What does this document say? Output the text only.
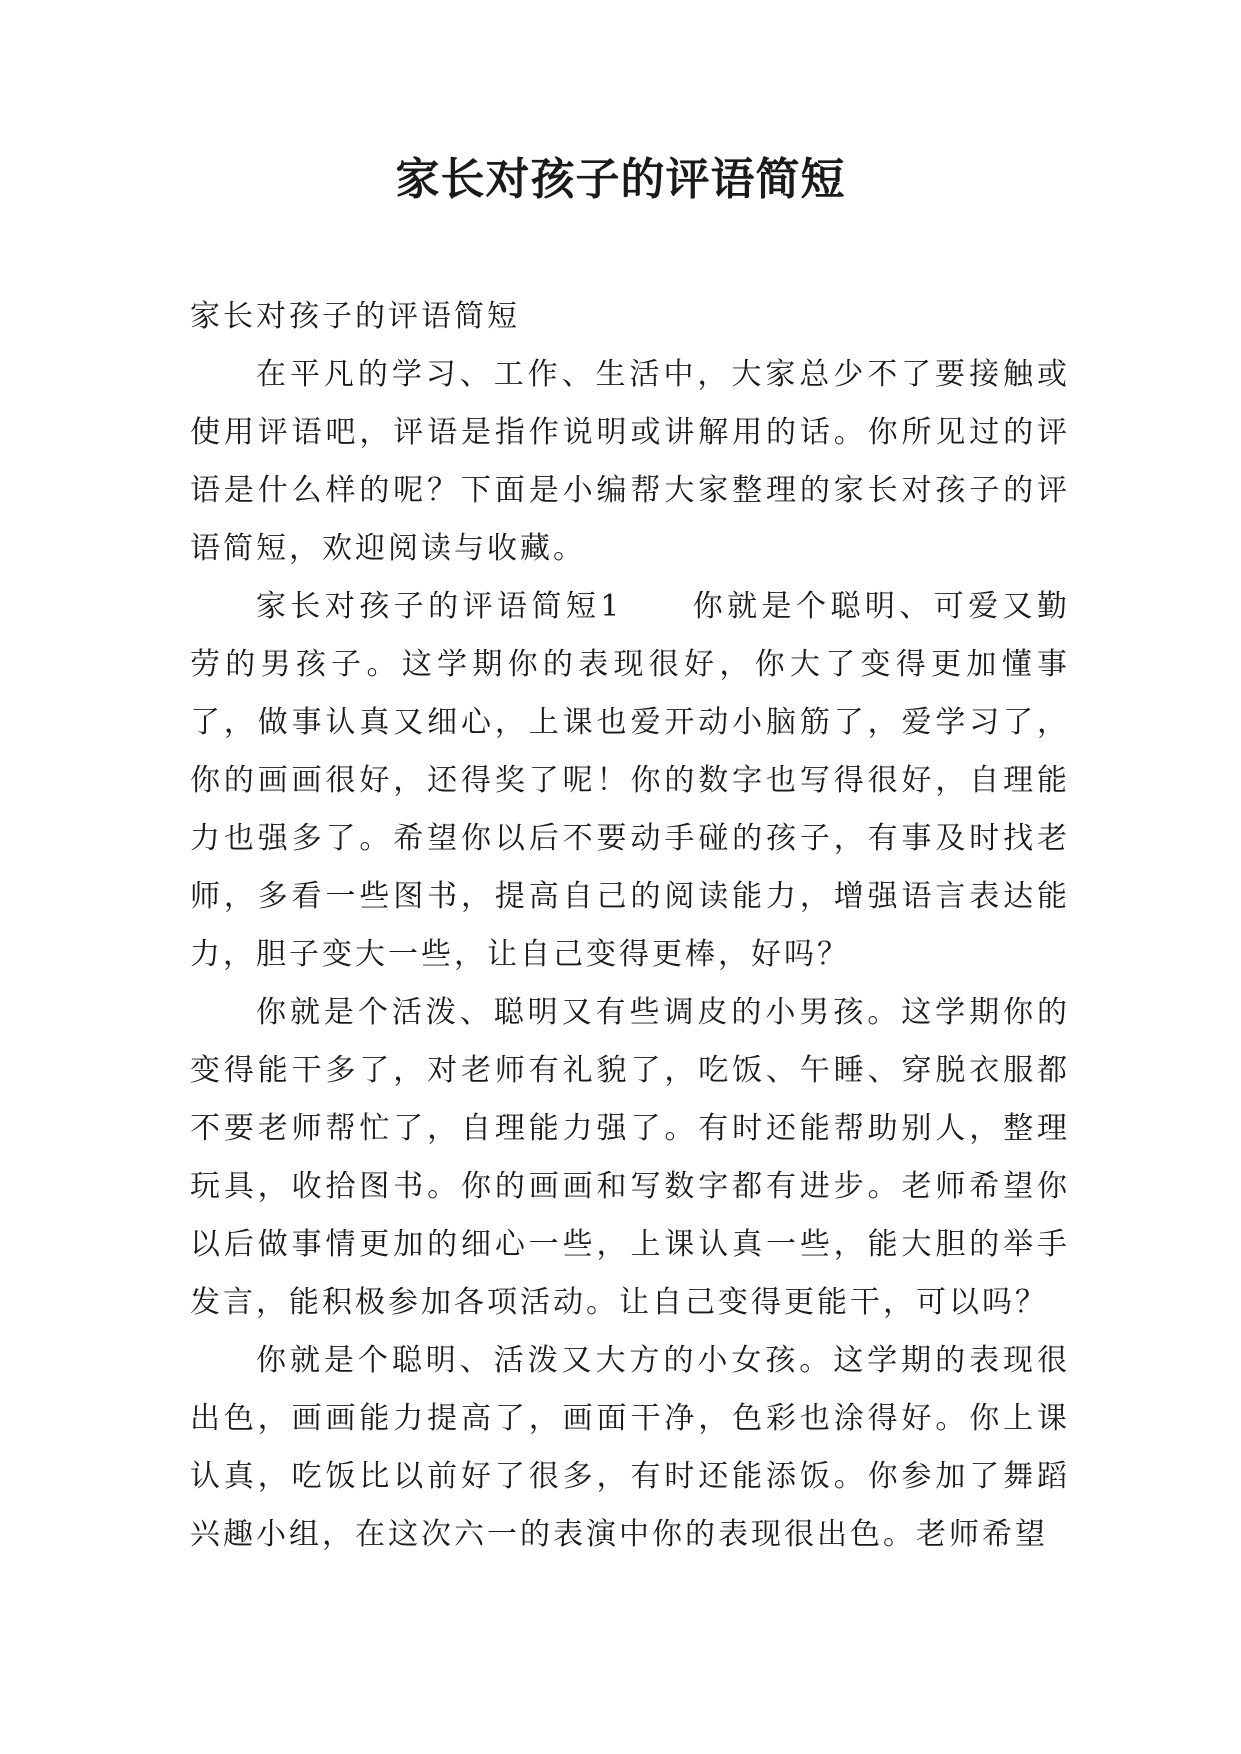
家长对孩子的评语简短

家长对孩子的评语简短

在平凡的学习、工作、生活中，大家总少不了要接触或使用评语吧，评语是指作说明或讲解用的话。你所见过的评语是什么样的呢？下面是小编帮大家整理的家长对孩子的评语简短，欢迎阅读与收藏。

家长对孩子的评语简短1　　你就是个聪明、可爱又勤劳的男孩子。这学期你的表现很好，你大了变得更加懂事了，做事认真又细心，上课也爱开动小脑筋了，爱学习了，你的画画很好，还得奖了呢！你的数字也写得很好，自理能力也强多了。希望你以后不要动手碰的孩子，有事及时找老师，多看一些图书，提高自己的阅读能力，增强语言表达能力，胆子变大一些，让自己变得更棒，好吗？

你就是个活泼、聪明又有些调皮的小男孩。这学期你的变得能干多了，对老师有礼貌了，吃饭、午睡、穿脱衣服都不要老师帮忙了，自理能力强了。有时还能帮助别人，整理玩具，收拾图书。你的画画和写数字都有进步。老师希望你以后做事情更加的细心一些，上课认真一些，能大胆的举手发言，能积极参加各项活动。让自己变得更能干，可以吗？

你就是个聪明、活泼又大方的小女孩。这学期的表现很出色，画画能力提高了，画面干净，色彩也涂得好。你上课认真，吃饭比以前好了很多，有时还能添饭。你参加了舞蹈兴趣小组，在这次六一的表演中你的表现很出色。老师希望
